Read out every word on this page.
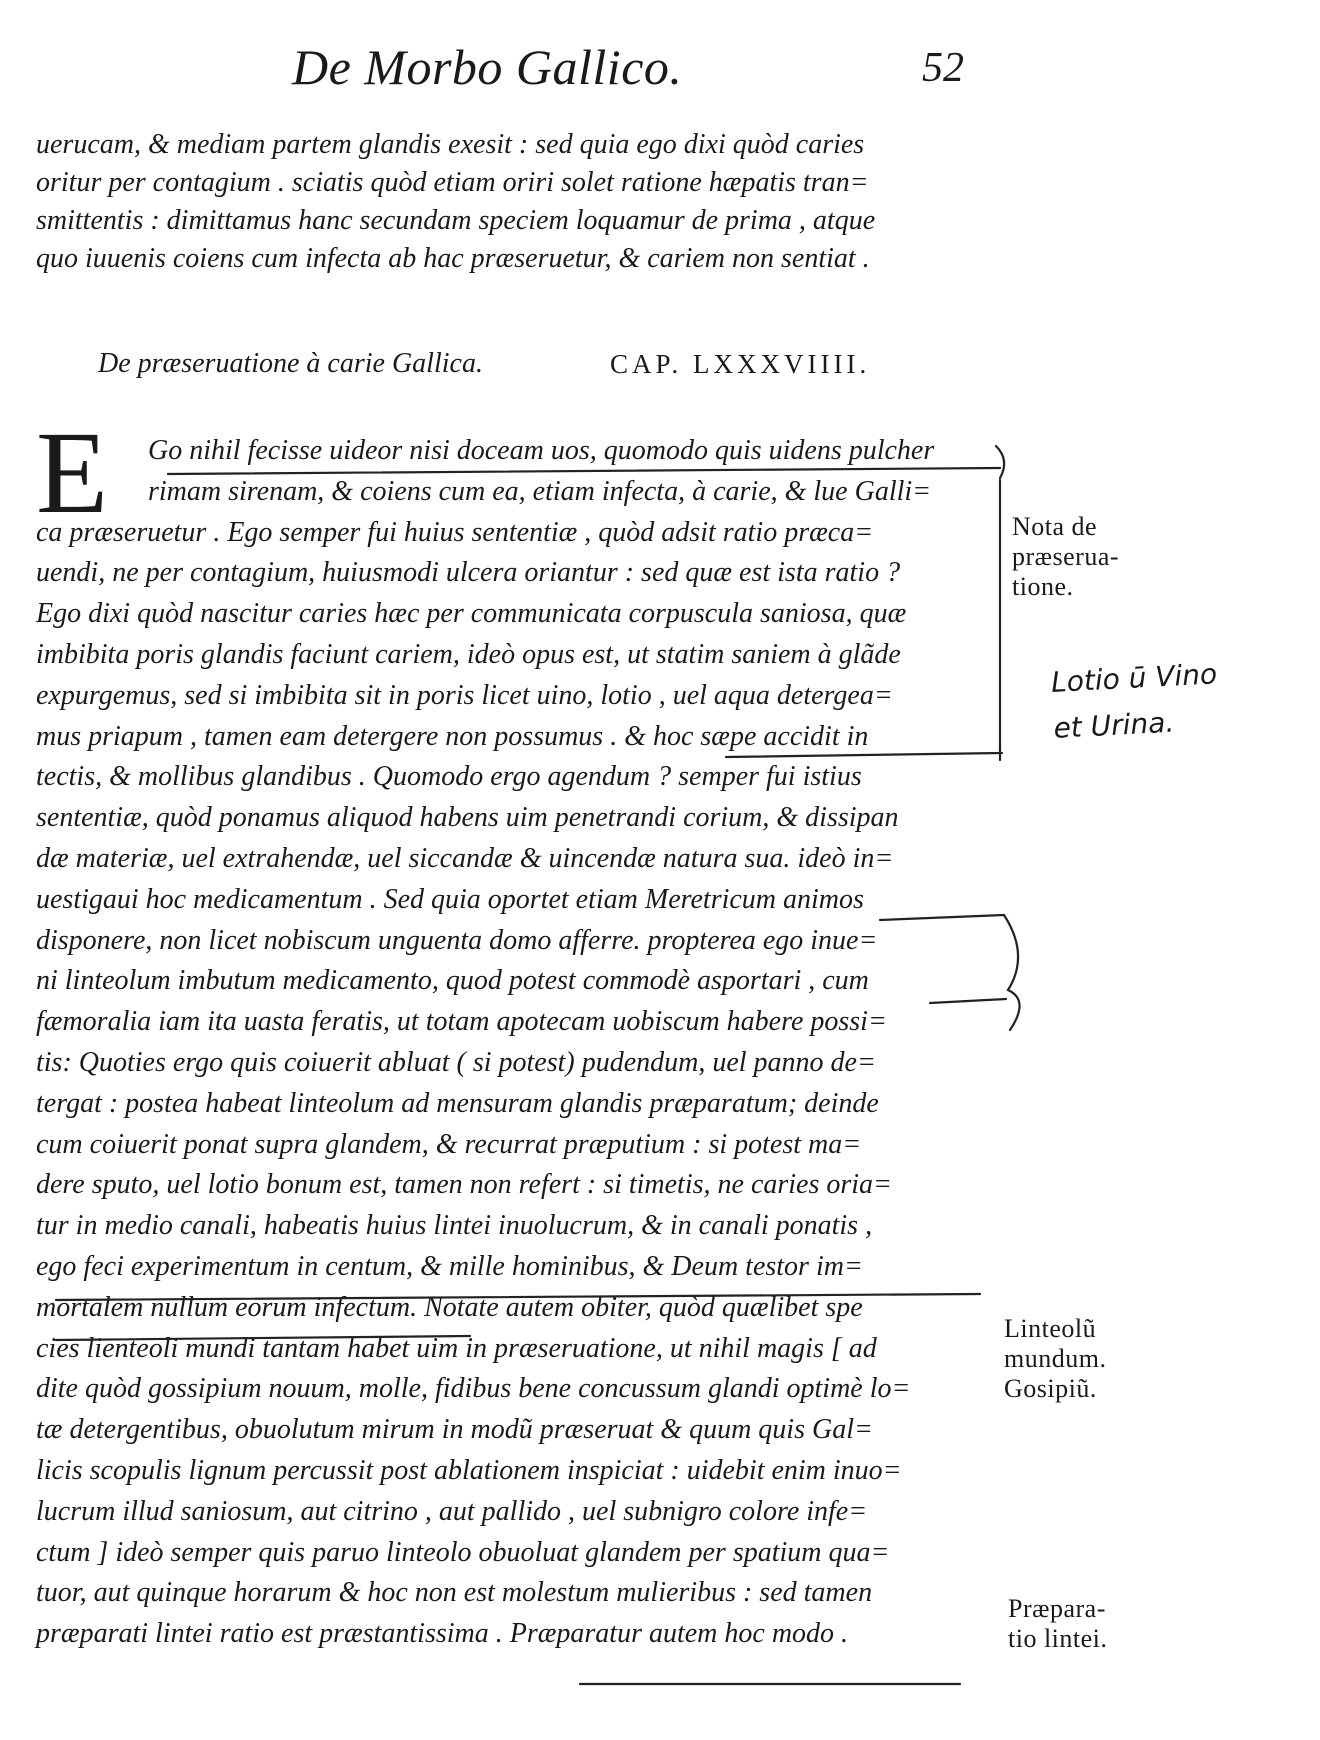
De Morbo Gallico.	52
uerucam, & mediam partem glandis exesit : sed quia ego dixi quòd caries
oritur per contagium . sciatis quòd etiam oriri solet ratione hæpatis tran=
smittentis : dimittamus hanc secundam speciem loquamur de prima , atque
quo iuuenis coiens cum infecta ab hac præseruetur, & cariem non sentiat .
De præseruatione à carie Gallica.	CAP. LXXXVIIII.
E Go nihil fecisse uideor nisi doceam uos, quomodo quis uidens pulcher
rimam sirenam, & coiens cum ea, etiam infecta, à carie, & lue Galli=
ca præseruetur . Ego semper fui huius sententiæ , quòd adsit ratio præca=
uendi, ne per contagium, huiusmodi ulcera oriantur : sed quæ est ista ratio ?
Ego dixi quòd nascitur caries hæc per communicata corpuscula saniosa, quæ
imbibita poris glandis faciunt cariem, ideò opus est, ut statim saniem à glãde
expurgemus, sed si imbibita sit in poris licet uino, lotio , uel aqua detergea=
mus priapum , tamen eam detergere non possumus . & hoc sæpe accidit in
tectis, & mollibus glandibus . Quomodo ergo agendum ? semper fui istius
sententiæ, quòd ponamus aliquod habens uim penetrandi corium, & dissipan
dæ materiæ, uel extrahendæ, uel siccandæ & uincendæ natura sua. ideò in=
uestigaui hoc medicamentum . Sed quia oportet etiam Meretricum animos
disponere, non licet nobiscum unguenta domo afferre. propterea ego inue=
ni linteolum imbutum medicamento, quod potest commodè asportari , cum
fæmoralia iam ita uasta feratis, ut totam apotecam uobiscum habere possi=
tis: Quoties ergo quis coiuerit abluat ( si potest) pudendum, uel panno de=
tergat : postea habeat linteolum ad mensuram glandis præparatum; deinde
cum coiuerit ponat supra glandem, & recurrat præputium : si potest ma=
dere sputo, uel lotio bonum est, tamen non refert : si timetis, ne caries oria=
tur in medio canali, habeatis huius lintei inuolucrum, & in canali ponatis ,
ego feci experimentum in centum, & mille hominibus, & Deum testor im=
mortalem nullum eorum infectum. Notate autem obiter, quòd quælibet spe
cies lienteoli mundi tantam habet uim in præseruatione, ut nihil magis [ ad
dite quòd gossipium nouum, molle, fidibus bene concussum glandi optimè lo=
tæ detergentibus, obuolutum mirum in modũ præseruat & quum quis Gal=
licis scopulis lignum percussit post ablationem inspiciat : uidebit enim inuo=
lucrum illud saniosum, aut citrino , aut pallido , uel subnigro colore infe=
ctum ] ideò semper quis paruo linteolo obuoluat glandem per spatium qua=
tuor, aut quinque horarum & hoc non est molestum mulieribus : sed tamen
præparati lintei ratio est præstantissima . Præparatur autem hoc modo .
Nota de
præserua-
tione.
Linteolũ
mundum.
Gosipiũ.
Præpara-
tio lintei.
Lotio ū Vino
et Urina.
